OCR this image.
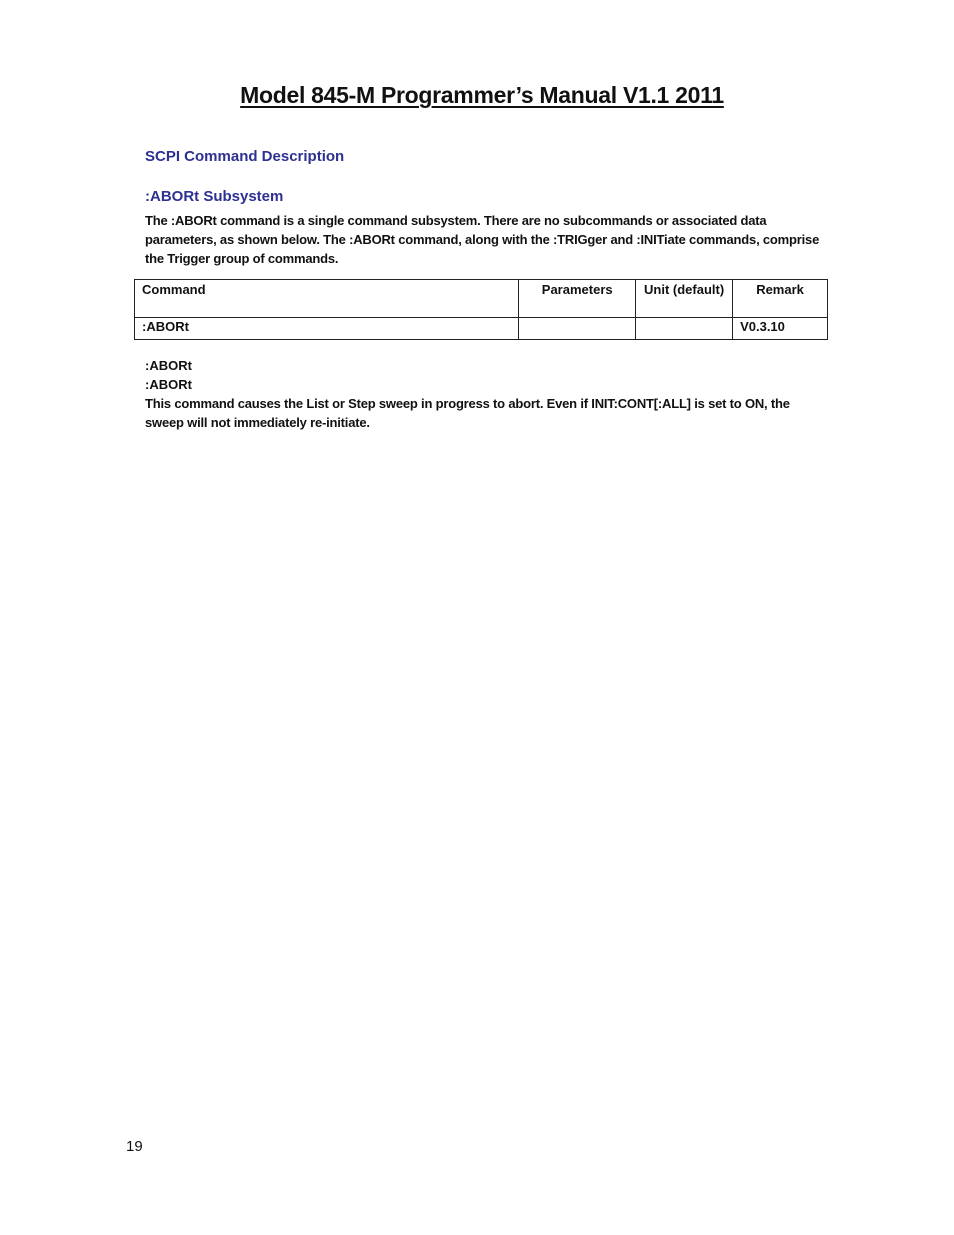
Model 845-M Programmer’s Manual V1.1 2011
SCPI Command Description
:ABORt Subsystem
The :ABORt command is a single command subsystem. There are no subcommands or associated data parameters, as shown below. The :ABORt command, along with the :TRIGger and :INITiate commands, comprise the Trigger group of commands.
Command	Parameters	Unit (default)	Remark
:ABORt			V0.3.10
:ABORt
:ABORt
This command causes the List or Step sweep in progress to abort. Even if INIT:CONT[:ALL] is set to ON, the sweep will not immediately re-initiate.
19
